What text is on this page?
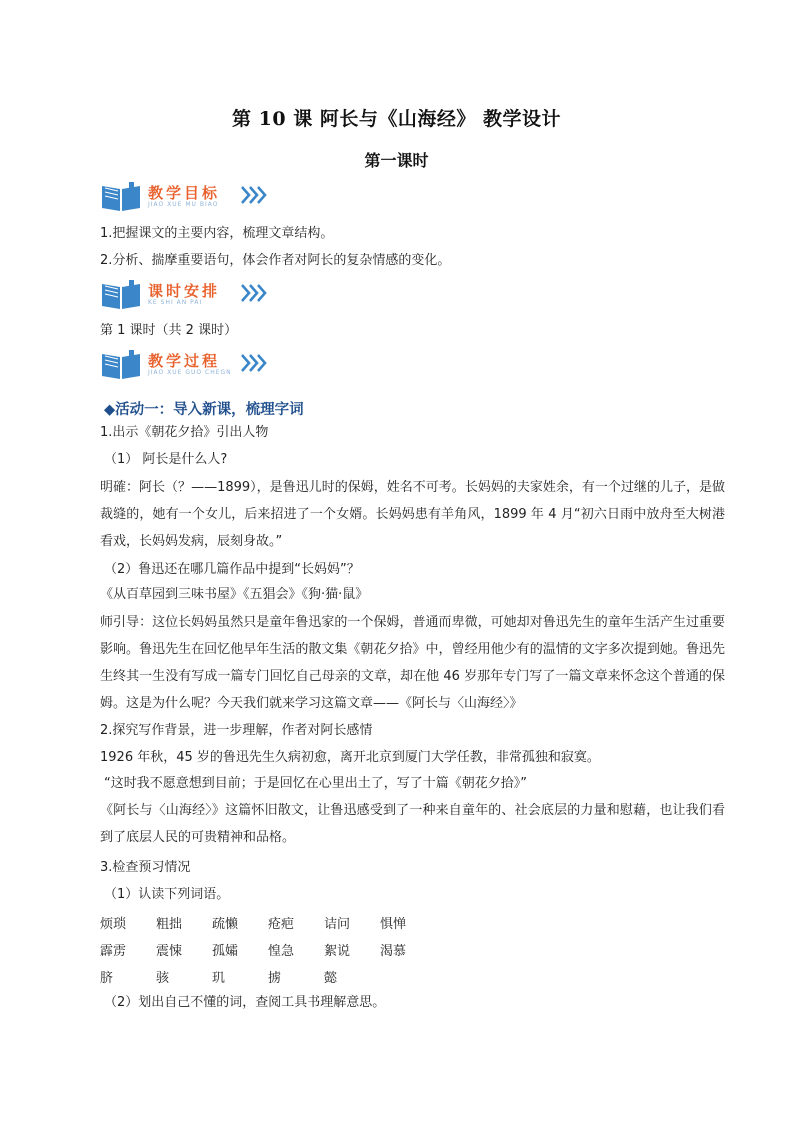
第 10 课 阿长与《山海经》 教学设计
第一课时
教学目标
JIAO XUE MU BIAO
1.把握课文的主要内容，梳理文章结构。
2.分析、揣摩重要语句，体会作者对阿长的复杂情感的变化。
课时安排
KE SHI AN PAI
第 1 课时（共 2 课时）
教学过程
JIAO XUE GUO CHEGN
◆活动一：导入新课，梳理字词
1.出示《朝花夕拾》引出人物
（1） 阿长是什么人?
明確：阿长（？——1899），是鲁迅儿时的保姆，姓名不可考。长妈妈的夫家姓余，有一个过继的儿子，是做裁缝的，她有一个女儿，后来招进了一个女婿。长妈妈患有羊角风，1899 年 4 月“初六日雨中放舟至大树港看戏，长妈妈发病，辰刻身故。”
（2）鲁迅还在哪几篇作品中提到“长妈妈”？
《从百草园到三味书屋》《五猖会》《狗·猫·鼠》
师引导：这位长妈妈虽然只是童年鲁迅家的一个保姆，普通而卑微，可她却对鲁迅先生的童年生活产生过重要影响。鲁迅先生在回忆他早年生活的散文集《朝花夕拾》中，曾经用他少有的温情的文字多次提到她。鲁迅先生终其一生没有写成一篇专门回忆自己母亲的文章，却在他 46 岁那年专门写了一篇文章来怀念这个普通的保姆。这是为什么呢？今天我们就来学习这篇文章——《阿长与〈山海经〉》
2.探究写作背景，进一步理解，作者对阿长感情
1926 年秋，45 岁的鲁迅先生久病初愈，离开北京到厦门大学任教，非常孤独和寂寞。
“这时我不愿意想到目前；于是回忆在心里出土了，写了十篇《朝花夕拾》”
《阿长与〈山海经〉》这篇怀旧散文，让鲁迅感受到了一种来自童年的、社会底层的力量和慰藉，也让我们看到了底层人民的可贵精神和品格。
3.检查预习情况
（1）认读下列词语。
烦琐 粗拙 疏懒 疮疤 诘问 惧惮
霹雳 震悚 孤孀 惶急 絮说 渴慕
脐	骇	玑	掳	懿
（2）划出自己不懂的词，查阅工具书理解意思。
